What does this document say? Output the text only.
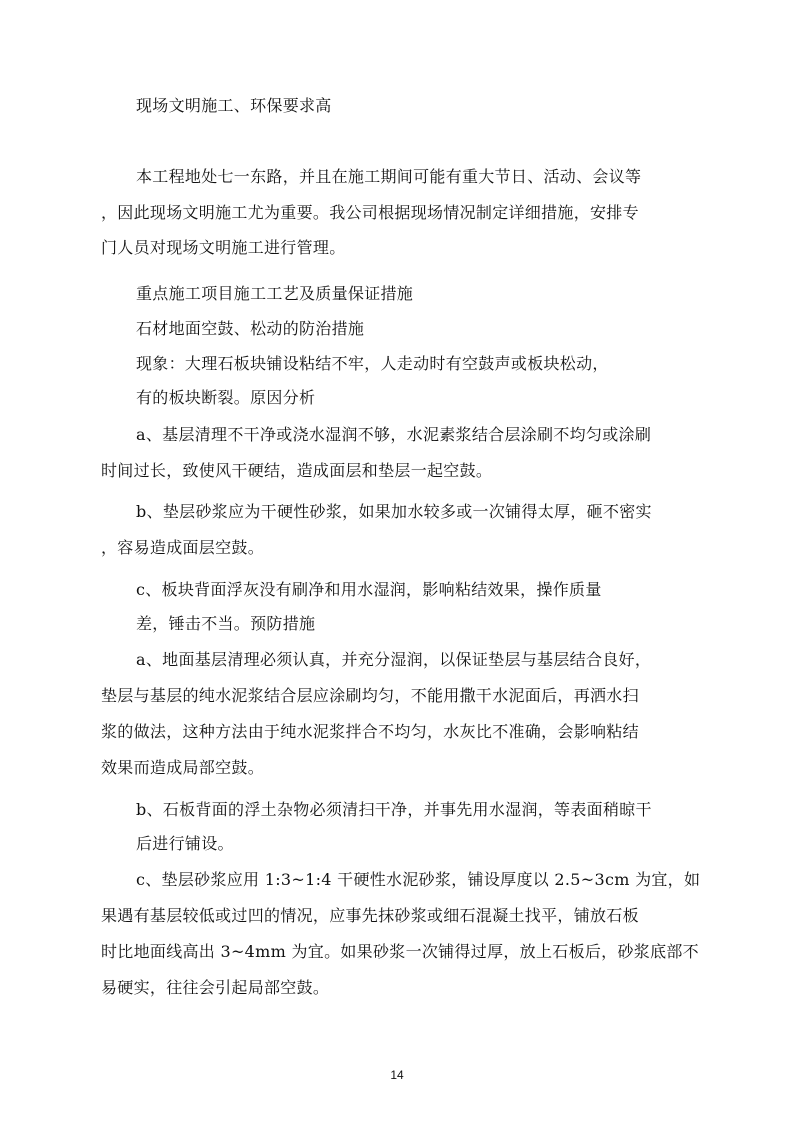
现场文明施工、环保要求高
本工程地处七一东路，并且在施工期间可能有重大节日、活动、会议等
，因此现场文明施工尤为重要。我公司根据现场情况制定详细措施，安排专
门人员对现场文明施工进行管理。
重点施工项目施工工艺及质量保证措施
石材地面空鼓、松动的防治措施
现象：大理石板块铺设粘结不牢，人走动时有空鼓声或板块松动，
有的板块断裂。原因分析
a、基层清理不干净或浇水湿润不够，水泥素浆结合层涂刷不均匀或涂刷
时间过长，致使风干硬结，造成面层和垫层一起空鼓。
b、垫层砂浆应为干硬性砂浆，如果加水较多或一次铺得太厚，砸不密实
，容易造成面层空鼓。
c、板块背面浮灰没有刷净和用水湿润，影响粘结效果，操作质量
差，锤击不当。预防措施
a、地面基层清理必须认真，并充分湿润，以保证垫层与基层结合良好，
垫层与基层的纯水泥浆结合层应涂刷均匀，不能用撒干水泥面后，再洒水扫
浆的做法，这种方法由于纯水泥浆拌合不均匀，水灰比不准确，会影响粘结
效果而造成局部空鼓。
b、石板背面的浮土杂物必须清扫干净，并事先用水湿润，等表面稍晾干
后进行铺设。
c、垫层砂浆应用 1:3~1:4 干硬性水泥砂浆，铺设厚度以 2.5~3cm 为宜，如
果遇有基层较低或过凹的情况，应事先抹砂浆或细石混凝土找平，铺放石板
时比地面线高出 3~4mm 为宜。如果砂浆一次铺得过厚，放上石板后，砂浆底部不
易硬实，往往会引起局部空鼓。
14
